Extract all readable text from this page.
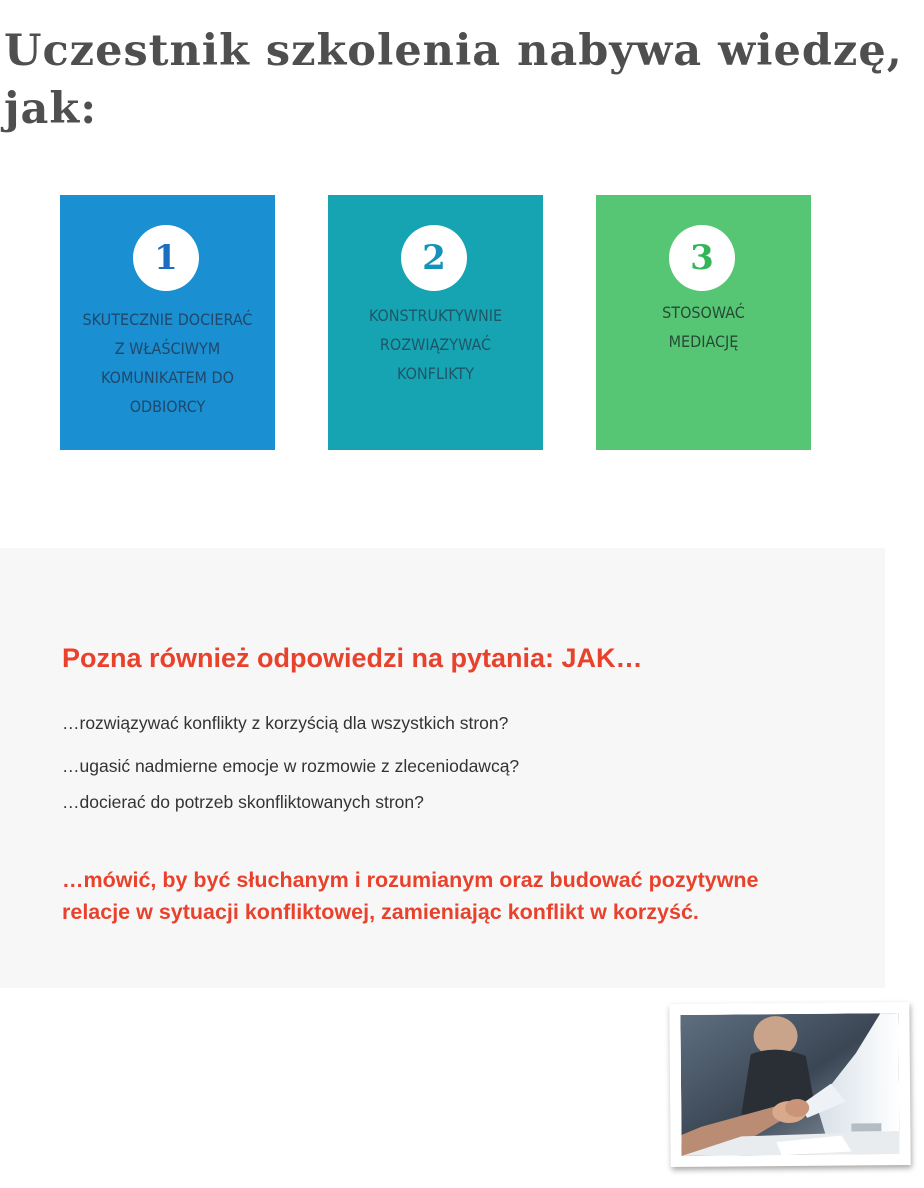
Uczestnik szkolenia nabywa wiedzę, jak:
1
SKUTECZNIE DOCIERAĆ
Z WŁAŚCIWYM
KOMUNIKATEM DO
ODBIORCY
2
KONSTRUKTYWNIE
ROZWIĄZYWAĆ
KONFLIKTY
3
STOSOWAĆ
MEDIACJĘ
Pozna również odpowiedzi na pytania: JAK…
…rozwiązywać konflikty z korzyścią dla wszystkich stron?
…ugasić nadmierne emocje w rozmowie z zleceniodawcą?
…docierać do potrzeb skonfliktowanych stron?

…mówić, by być słuchanym i rozumianym oraz budować pozytywne relacje w sytuacji konfliktowej, zamieniając konflikt w korzyść.
